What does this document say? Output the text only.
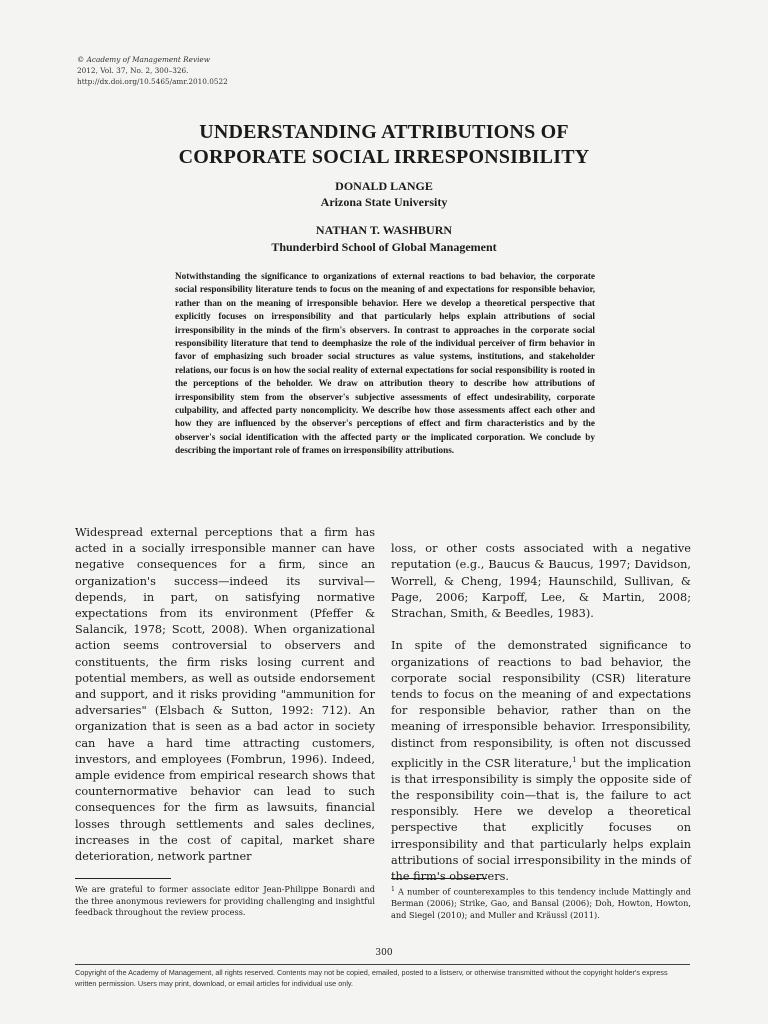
© Academy of Management Review
2012, Vol. 37, No. 2, 300–326.
http://dx.doi.org/10.5465/amr.2010.0522
UNDERSTANDING ATTRIBUTIONS OF
CORPORATE SOCIAL IRRESPONSIBILITY
DONALD LANGE
Arizona State University
NATHAN T. WASHBURN
Thunderbird School of Global Management
Notwithstanding the significance to organizations of external reactions to bad behavior, the corporate social responsibility literature tends to focus on the meaning of and expectations for responsible behavior, rather than on the meaning of irresponsible behavior. Here we develop a theoretical perspective that explicitly focuses on irresponsibility and that particularly helps explain attributions of social irresponsibility in the minds of the firm's observers. In contrast to approaches in the corporate social responsibility literature that tend to deemphasize the role of the individual perceiver of firm behavior in favor of emphasizing such broader social structures as value systems, institutions, and stakeholder relations, our focus is on how the social reality of external expectations for social responsibility is rooted in the perceptions of the beholder. We draw on attribution theory to describe how attributions of irresponsibility stem from the observer's subjective assessments of effect undesirability, corporate culpability, and affected party noncomplicity. We describe how those assessments affect each other and how they are influenced by the observer's perceptions of effect and firm characteristics and by the observer's social identification with the affected party or the implicated corporation. We conclude by describing the important role of frames on irresponsibility attributions.
Widespread external perceptions that a firm has acted in a socially irresponsible manner can have negative consequences for a firm, since an organization's success—indeed its survival—depends, in part, on satisfying normative expectations from its environment (Pfeffer & Salancik, 1978; Scott, 2008). When organizational action seems controversial to observers and constituents, the firm risks losing current and potential members, as well as outside endorsement and support, and it risks providing "ammunition for adversaries" (Elsbach & Sutton, 1992: 712). An organization that is seen as a bad actor in society can have a hard time attracting customers, investors, and employees (Fombrun, 1996). Indeed, ample evidence from empirical research shows that counternormative behavior can lead to such consequences for the firm as lawsuits, financial losses through settlements and sales declines, increases in the cost of capital, market share deterioration, network partner

loss, or other costs associated with a negative reputation (e.g., Baucus & Baucus, 1997; Davidson, Worrell, & Cheng, 1994; Haunschild, Sullivan, & Page, 2006; Karpoff, Lee, & Martin, 2008; Strachan, Smith, & Beedles, 1983).

In spite of the demonstrated significance to organizations of reactions to bad behavior, the corporate social responsibility (CSR) literature tends to focus on the meaning of and expectations for responsible behavior, rather than on the meaning of irresponsible behavior. Irresponsibility, distinct from responsibility, is often not discussed explicitly in the CSR literature,$^1$ but the implication is that irresponsibility is simply the opposite side of the responsibility coin—that is, the failure to act responsibly. Here we develop a theoretical perspective that explicitly focuses on irresponsibility and that particularly helps explain attributions of social irresponsibility in the minds of the firm's observers.

We are grateful to former associate editor Jean-Philippe Bonardi and the three anonymous reviewers for providing challenging and insightful feedback throughout the review process.
$^1$ A number of counterexamples to this tendency include Mattingly and Berman (2006); Strike, Gao, and Bansal (2006); Doh, Howton, Howton, and Siegel (2010); and Muller and Kräussl (2011).
300
Copyright of the Academy of Management, all rights reserved. Contents may not be copied, emailed, posted to a listserv, or otherwise transmitted without the copyright holder's express written permission. Users may print, download, or email articles for individual use only.
